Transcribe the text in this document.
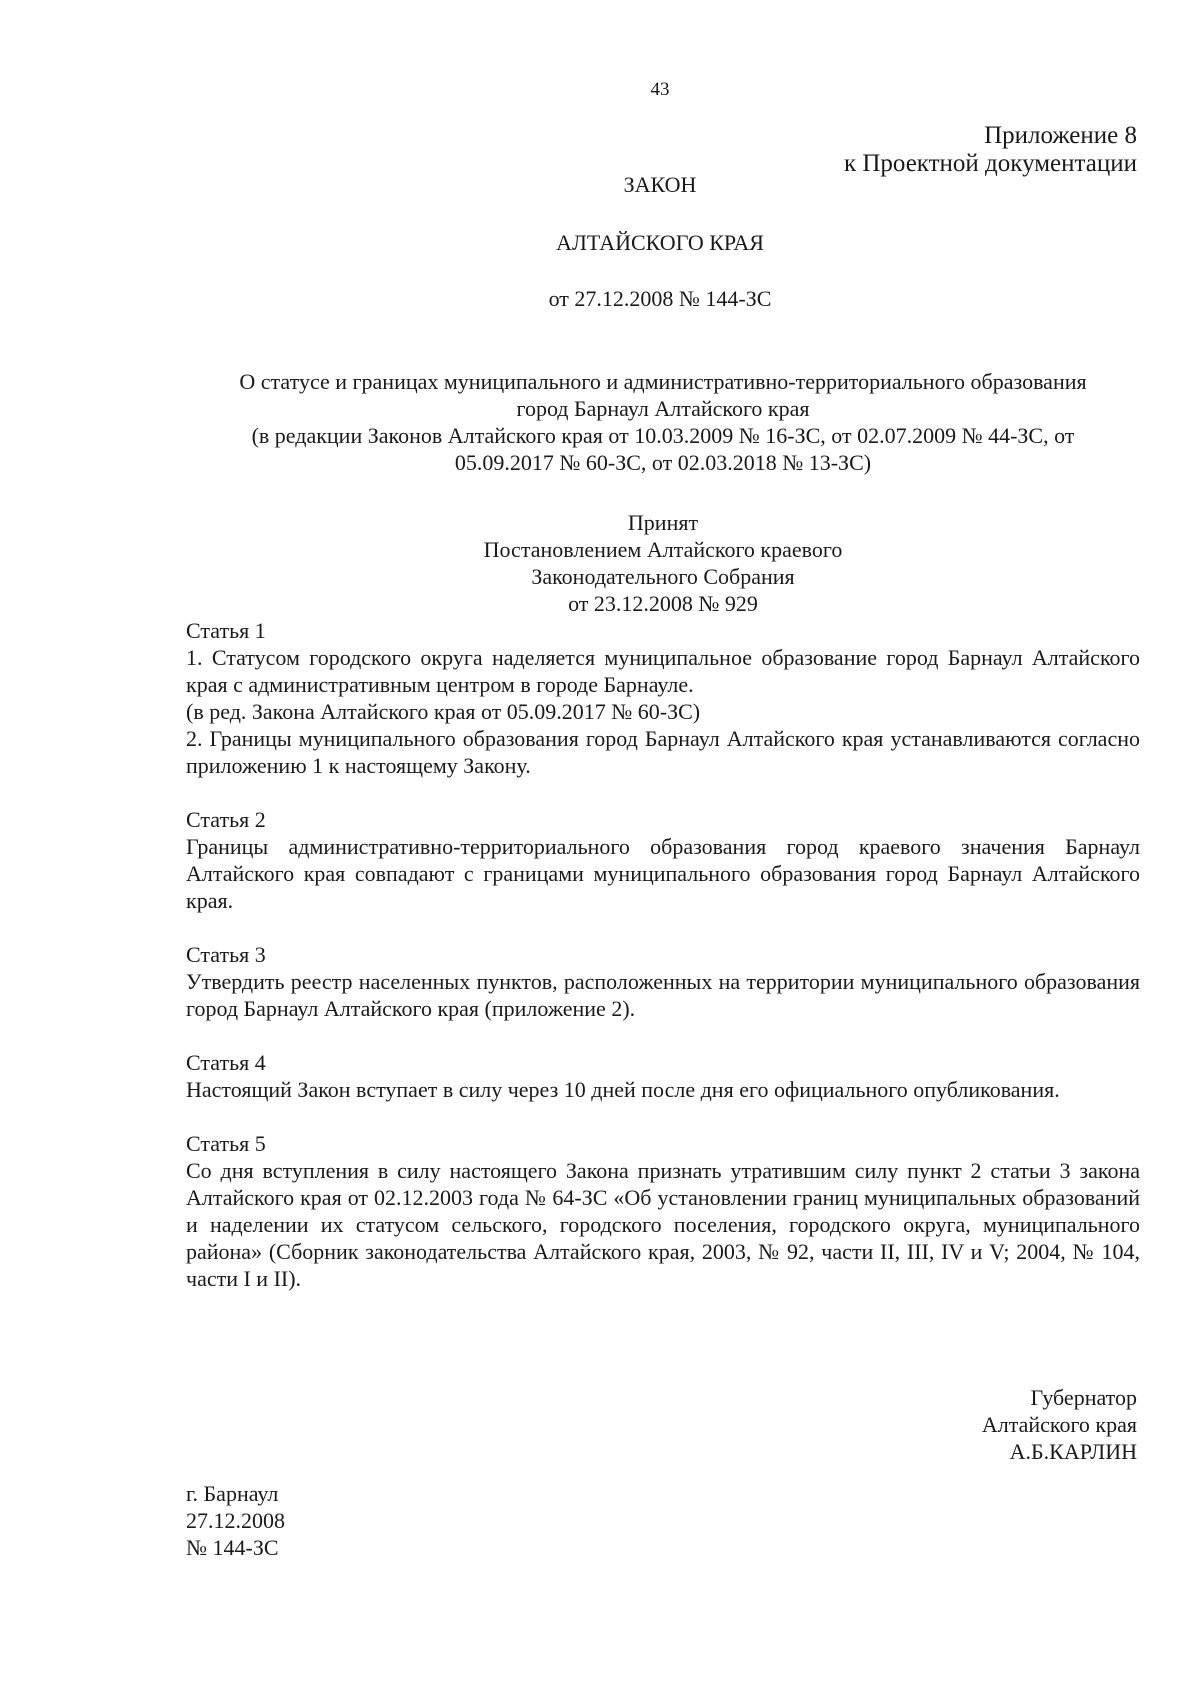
43
Приложение 8
к Проектной документации
ЗАКОН
АЛТАЙСКОГО КРАЯ
от 27.12.2008 № 144-ЗС

О статусе и границах муниципального и административно-территориального образования

город Барнаул Алтайского края

(в редакции Законов Алтайского края от 10.03.2009 № 16-ЗС, от 02.07.2009 № 44-ЗС, от

05.09.2017 № 60-ЗС, от 02.03.2018 № 13-ЗС)

Принят

Постановлением Алтайского краевого

Законодательного Собрания

от 23.12.2008 № 929

Статья 1

1. Статусом городского округа наделяется муниципальное образование город Барнаул Алтайского края с административным центром в городе Барнауле.

(в ред. Закона Алтайского края от 05.09.2017 № 60-ЗС)

2. Границы муниципального образования город Барнаул Алтайского края устанавливаются согласно приложению 1 к настоящему Закону.

Статья 2

Границы административно-территориального образования город краевого значения Барнаул Алтайского края совпадают с границами муниципального образования город Барнаул Алтайского края.

Статья 3

Утвердить реестр населенных пунктов, расположенных на территории муниципального образования город Барнаул Алтайского края (приложение 2).

Статья 4

Настоящий Закон вступает в силу через 10 дней после дня его официального опубликования.

Статья 5

Со дня вступления в силу настоящего Закона признать утратившим силу пункт 2 статьи 3 закона Алтайского края от 02.12.2003 года № 64-ЗС «Об установлении границ муниципальных образований и наделении их статусом сельского, городского поселения, городского округа, муниципального района» (Сборник законодательства Алтайского края, 2003, № 92, части II, III, IV и V; 2004, № 104, части I и II).

Губернатор

Алтайского края

А.Б.КАРЛИН

г. Барнаул

27.12.2008

№ 144-ЗС
